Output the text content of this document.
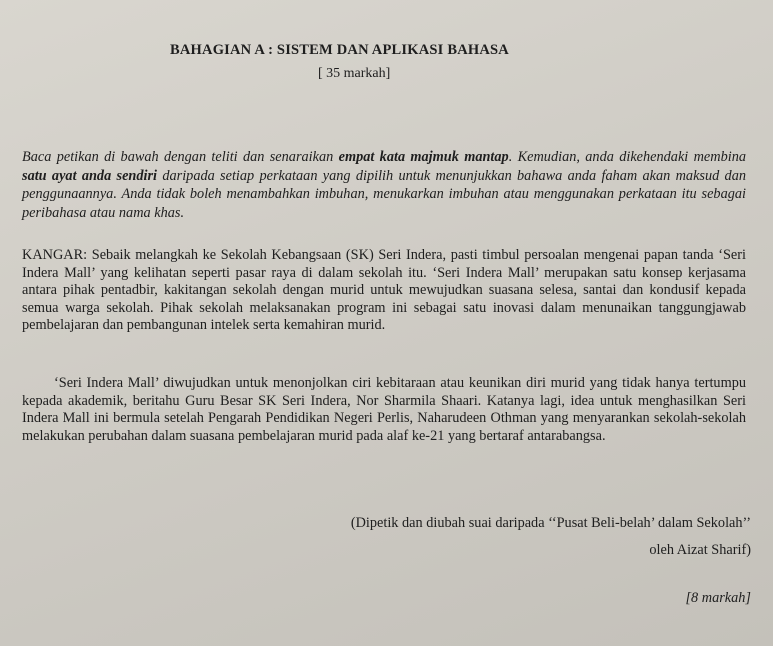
BAHAGIAN A : SISTEM DAN APLIKASI BAHASA
[ 35 markah]

Baca petikan di bawah dengan teliti dan senaraikan empat kata majmuk mantap. Kemudian, anda dikehendaki membina satu ayat anda sendiri daripada setiap perkataan yang dipilih untuk menunjukkan bahawa anda faham akan maksud dan penggunaannya. Anda tidak boleh menambahkan imbuhan, menukarkan imbuhan atau menggunakan perkataan itu sebagai peribahasa atau nama khas.

KANGAR: Sebaik melangkah ke Sekolah Kebangsaan (SK) Seri Indera, pasti timbul persoalan mengenai papan tanda ‘Seri Indera Mall’ yang kelihatan seperti pasar raya di dalam sekolah itu. ‘Seri Indera Mall’ merupakan satu konsep kerjasama antara pihak pentadbir, kakitangan sekolah dengan murid untuk mewujudkan suasana selesa, santai dan kondusif kepada semua warga sekolah. Pihak sekolah melaksanakan program ini sebagai satu inovasi dalam menunaikan tanggungjawab pembelajaran dan pembangunan intelek serta kemahiran murid.

‘Seri Indera Mall’ diwujudkan untuk menonjolkan ciri kebitaraan atau keunikan diri murid yang tidak hanya tertumpu kepada akademik, beritahu Guru Besar SK Seri Indera, Nor Sharmila Shaari. Katanya lagi, idea untuk menghasilkan Seri Indera Mall ini bermula setelah Pengarah Pendidikan Negeri Perlis, Naharudeen Othman yang menyarankan sekolah-sekolah melakukan perubahan dalam suasana pembelajaran murid pada alaf ke-21 yang bertaraf antarabangsa.

(Dipetik dan diubah suai daripada ‘‘Pusat Beli-belah’ dalam Sekolah’’
oleh Aizat Sharif)
[8 markah]
